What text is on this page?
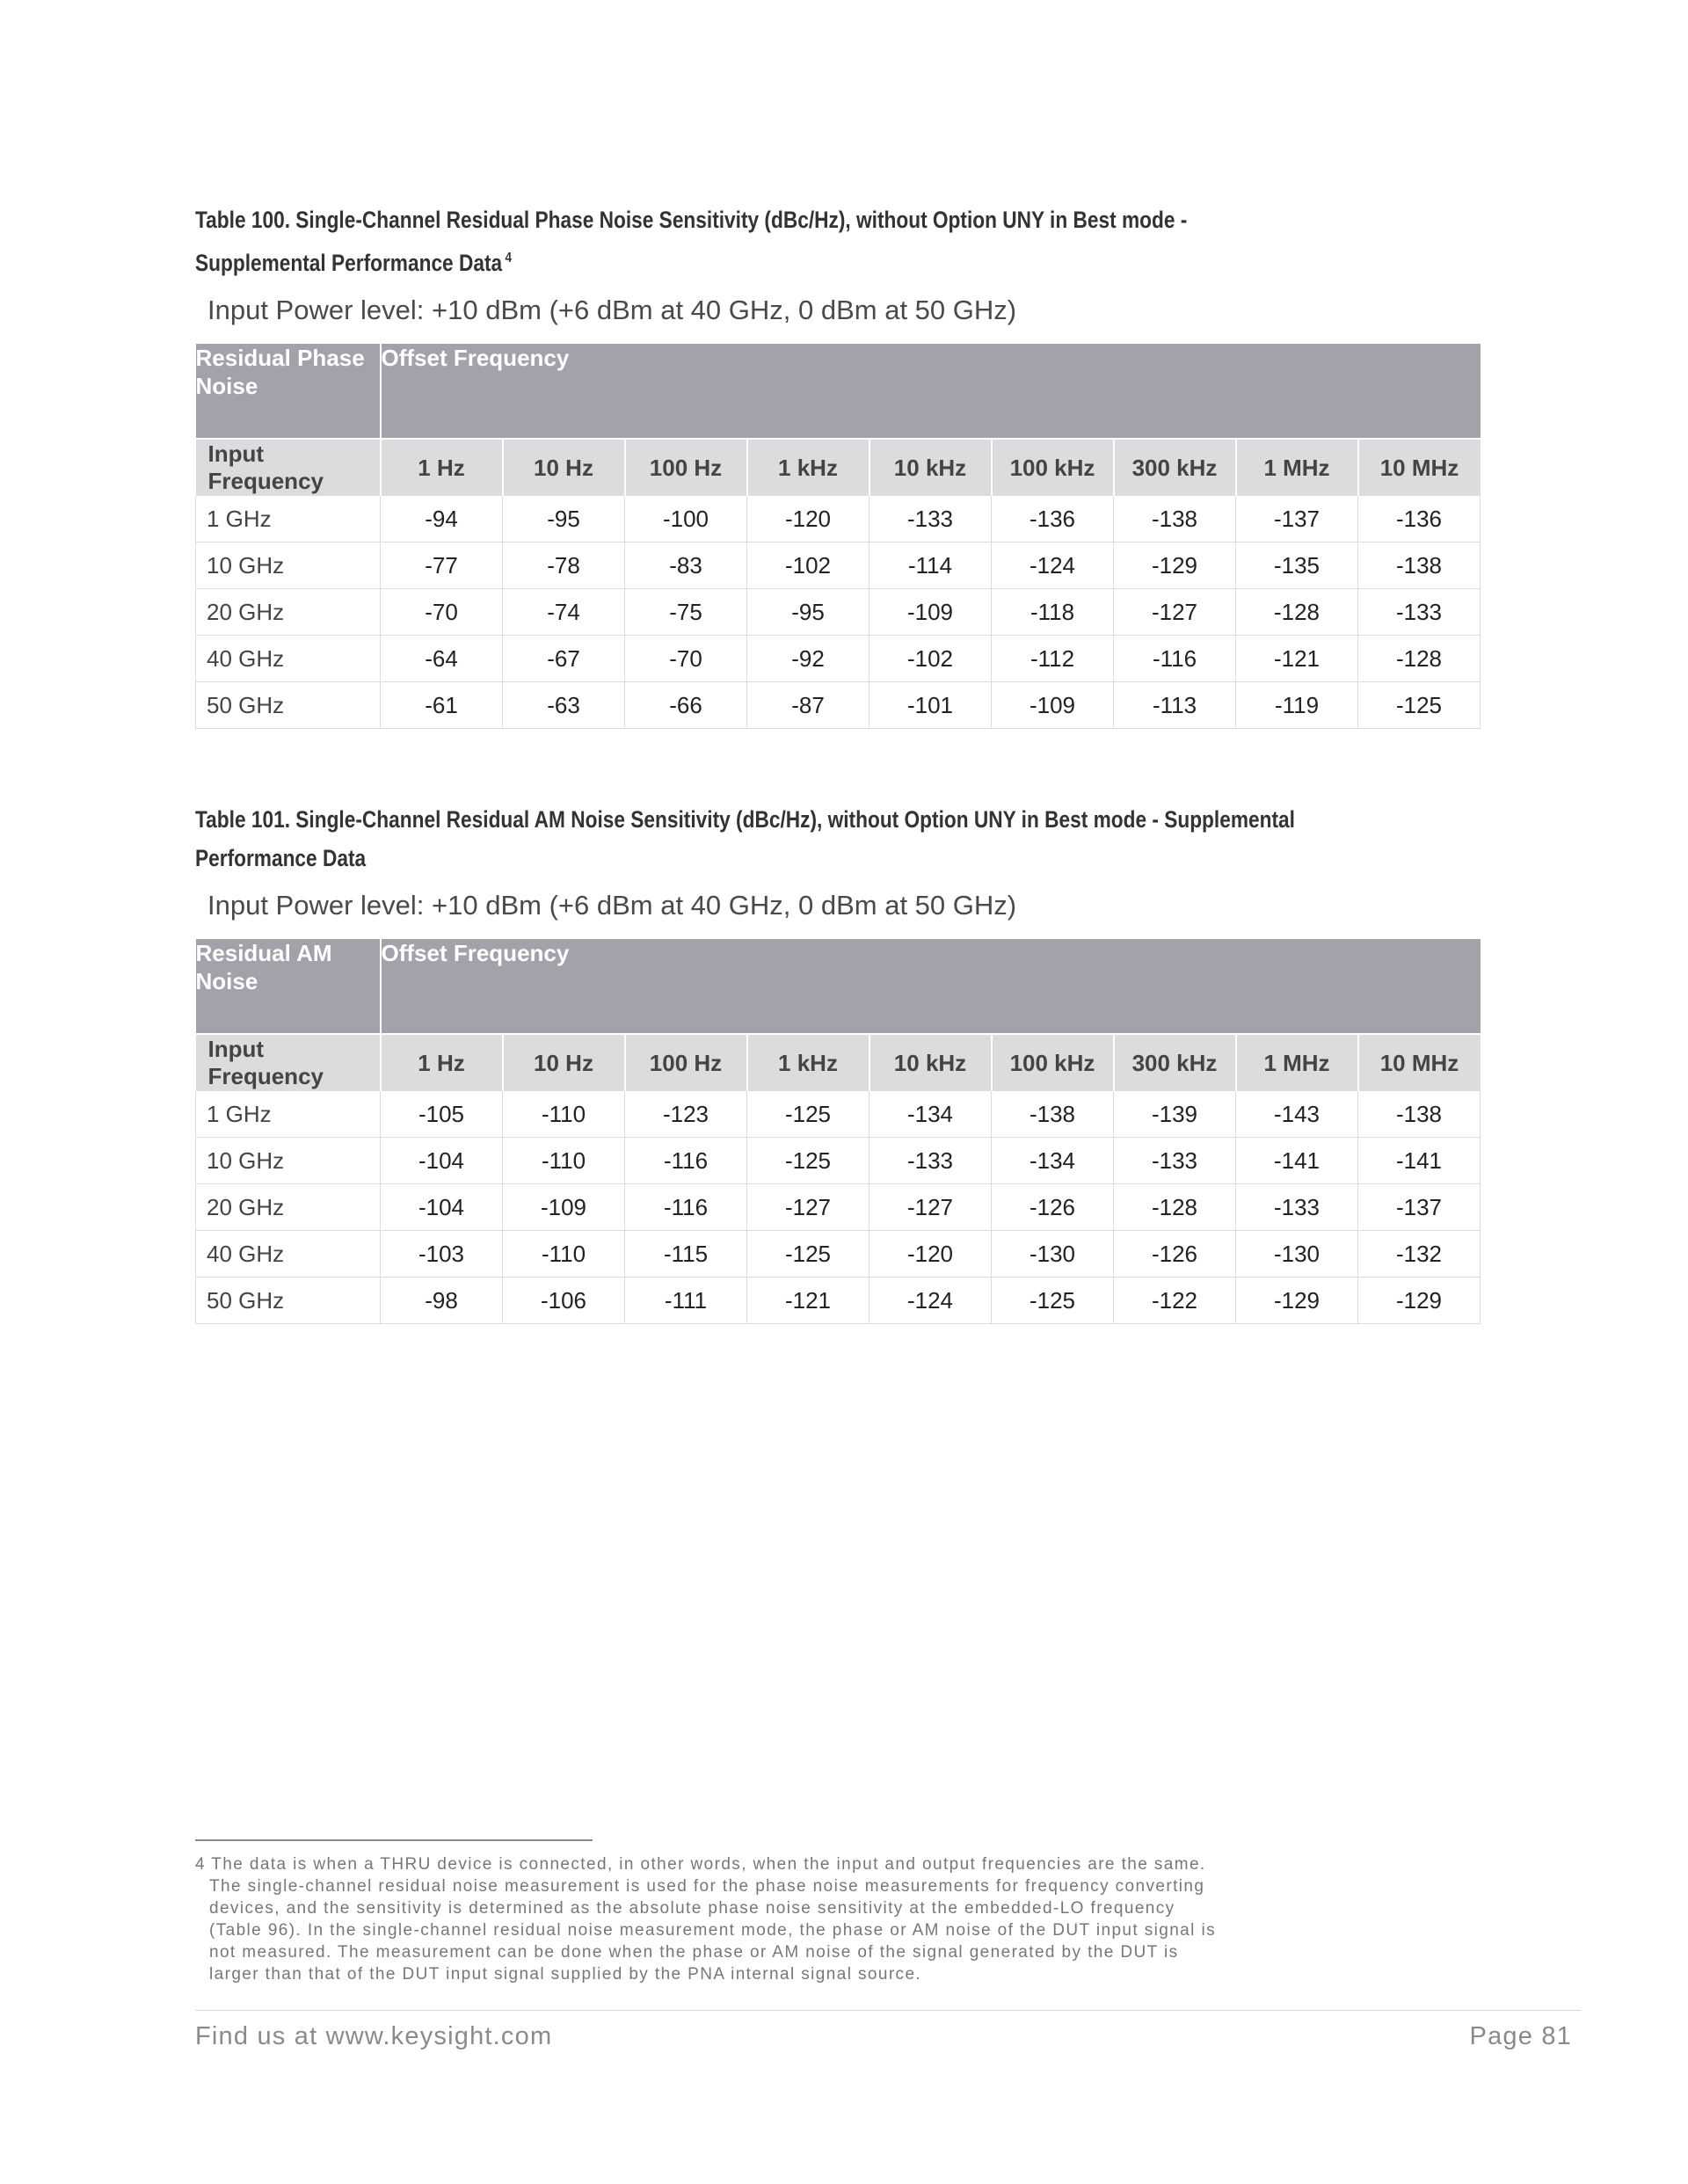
Table 100. Single-Channel Residual Phase Noise Sensitivity (dBc/Hz), without Option UNY in Best mode -
Supplemental Performance Data $^4$

Input Power level: +10 dBm (+6 dBm at 40 GHz, 0 dBm at 50 GHz)

Residual Phase Noise	Offset Frequency								
Input Frequency	1 Hz	10 Hz	100 Hz	1 kHz	10 kHz	100 kHz	300 kHz	1 MHz	10 MHz
1 GHz	-94	-95	-100	-120	-133	-136	-138	-137	-136
10 GHz	-77	-78	-83	-102	-114	-124	-129	-135	-138
20 GHz	-70	-74	-75	-95	-109	-118	-127	-128	-133
40 GHz	-64	-67	-70	-92	-102	-112	-116	-121	-128
50 GHz	-61	-63	-66	-87	-101	-109	-113	-119	-125

Table 101. Single-Channel Residual AM Noise Sensitivity (dBc/Hz), without Option UNY in Best mode - Supplemental
Performance Data

Input Power level: +10 dBm (+6 dBm at 40 GHz, 0 dBm at 50 GHz)

Residual AM Noise	Offset Frequency								
Input Frequency	1 Hz	10 Hz	100 Hz	1 kHz	10 kHz	100 kHz	300 kHz	1 MHz	10 MHz
1 GHz	-105	-110	-123	-125	-134	-138	-139	-143	-138
10 GHz	-104	-110	-116	-125	-133	-134	-133	-141	-141
20 GHz	-104	-109	-116	-127	-127	-126	-128	-133	-137
40 GHz	-103	-110	-115	-125	-120	-130	-126	-130	-132
50 GHz	-98	-106	-111	-121	-124	-125	-122	-129	-129

4 The data is when a THRU device is connected, in other words, when the input and output frequencies are the same.

The single-channel residual noise measurement is used for the phase noise measurements for frequency converting

devices, and the sensitivity is determined as the absolute phase noise sensitivity at the embedded-LO frequency

(Table 96). In the single-channel residual noise measurement mode, the phase or AM noise of the DUT input signal is

not measured. The measurement can be done when the phase or AM noise of the signal generated by the DUT is

larger than that of the DUT input signal supplied by the PNA internal signal source.

Find us at www.keysight.com	Page 81
